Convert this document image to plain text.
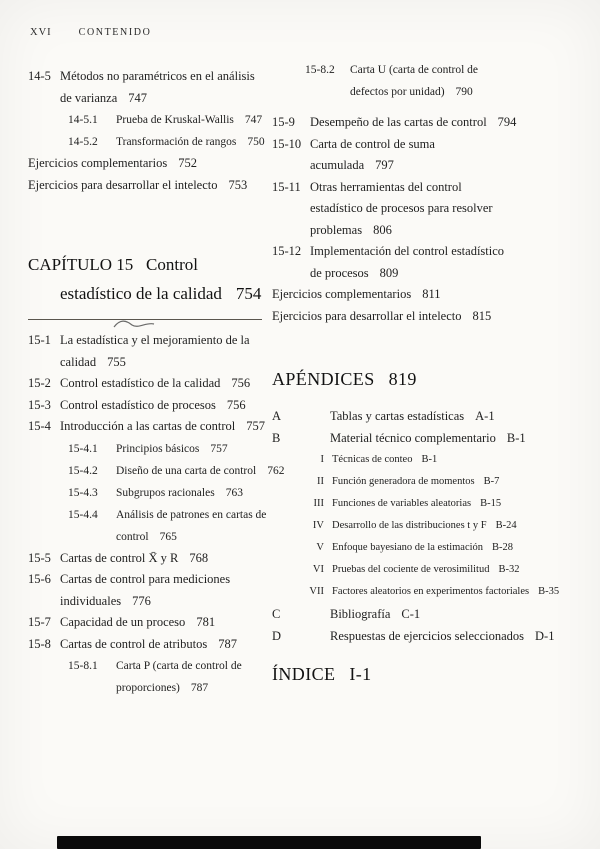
XVI	CONTENIDO
14-5 Métodos no paramétricos en el análisis
de varianza 747
14-5.1	Prueba de Kruskal-Wallis 747
14-5.2	Transformación de rangos 750
Ejercicios complementarios 752
Ejercicios para desarrollar el intelecto 753
CAPÍTULO 15   Control
estadístico de la calidad 754
15-1 La estadística y el mejoramiento de la
calidad 755
15-2 Control estadístico de la calidad 756
15-3 Control estadístico de procesos 756
15-4 Introducción a las cartas de control 757
15-4.1	Principios básicos 757
15-4.2	Diseño de una carta de control 762
15-4.3	Subgrupos racionales 763
15-4.4	Análisis de patrones en cartas de
control 765
15-5 Cartas de control X̄ y R 768
15-6 Cartas de control para mediciones
individuales 776
15-7 Capacidad de un proceso 781
15-8 Cartas de control de atributos 787
15-8.1	Carta P (carta de control de
proporciones) 787
15-8.2	Carta U (carta de control de
defectos por unidad) 790
15-9	Desempeño de las cartas de control 794
15-10 Carta de control de suma
acumulada 797
15-11 Otras herramientas del control
estadístico de procesos para resolver
problemas 806
15-12 Implementación del control estadístico
de procesos 809
Ejercicios complementarios 811
Ejercicios para desarrollar el intelecto 815
APÉNDICES 819
A	Tablas y cartas estadísticas A-1
B	Material técnico complementario B-1
I Técnicas de conteo B-1
II Función generadora de momentos B-7
III Funciones de variables aleatorias B-15
IV Desarrollo de las distribuciones t y F B-24
V Enfoque bayesiano de la estimación B-28
VI Pruebas del cociente de verosimilitud B-32
VII Factores aleatorios en experimentos factoriales B-35
C	Bibliografía C-1
D	Respuestas de ejercicios seleccionados D-1
ÍNDICE I-1
